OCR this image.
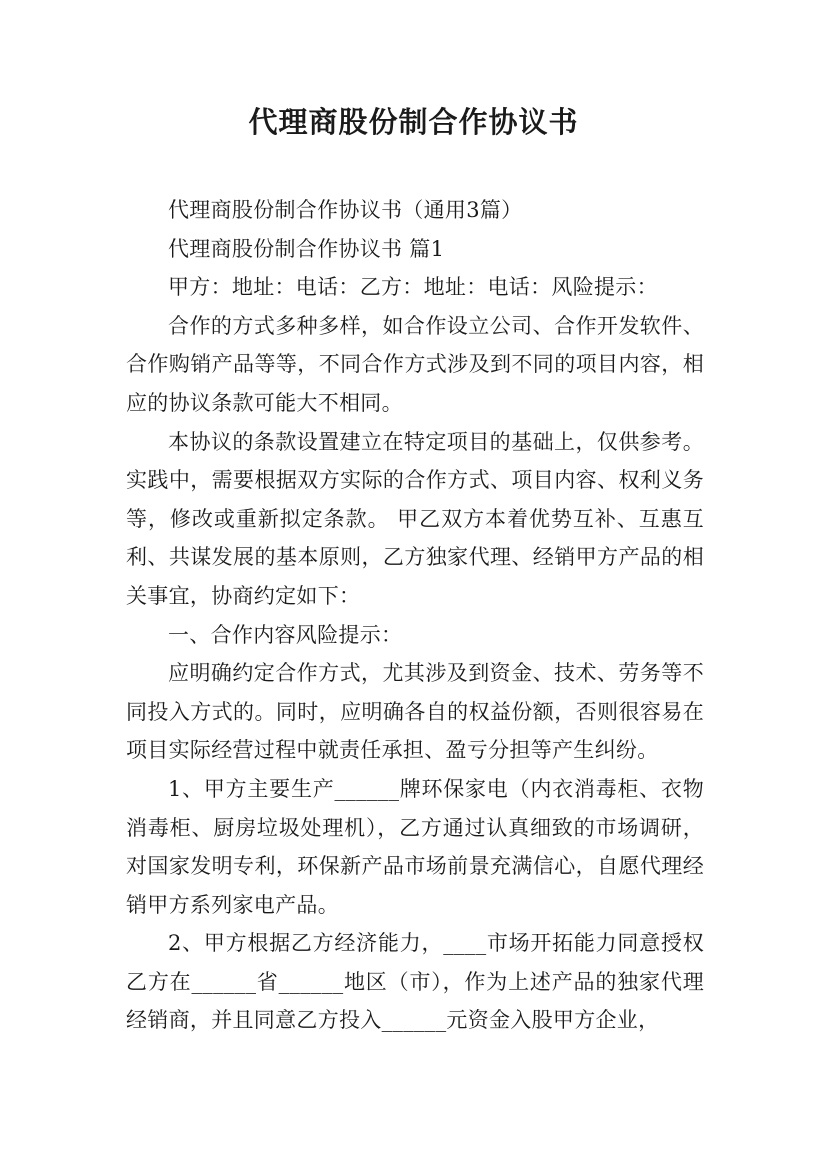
代理商股份制合作协议书

代理商股份制合作协议书（通用3篇）

代理商股份制合作协议书 篇1

甲方：地址：电话：乙方：地址：电话：风险提示：

合作的方式多种多样，如合作设立公司、合作开发软件、合作购销产品等等，不同合作方式涉及到不同的项目内容，相应的协议条款可能大不相同。

本协议的条款设置建立在特定项目的基础上，仅供参考。实践中，需要根据双方实际的合作方式、项目内容、权利义务等，修改或重新拟定条款。 甲乙双方本着优势互补、互惠互利、共谋发展的基本原则，乙方独家代理、经销甲方产品的相关事宜，协商约定如下：

一、合作内容风险提示：

应明确约定合作方式，尤其涉及到资金、技术、劳务等不同投入方式的。同时，应明确各自的权益份额，否则很容易在项目实际经营过程中就责任承担、盈亏分担等产生纠纷。

1、甲方主要生产______牌环保家电（内衣消毒柜、衣物消毒柜、厨房垃圾处理机），乙方通过认真细致的市场调研，对国家发明专利，环保新产品市场前景充满信心，自愿代理经销甲方系列家电产品。

2、甲方根据乙方经济能力，____市场开拓能力同意授权乙方在______省______地区（市），作为上述产品的独家代理经销商，并且同意乙方投入______元资金入股甲方企业，
